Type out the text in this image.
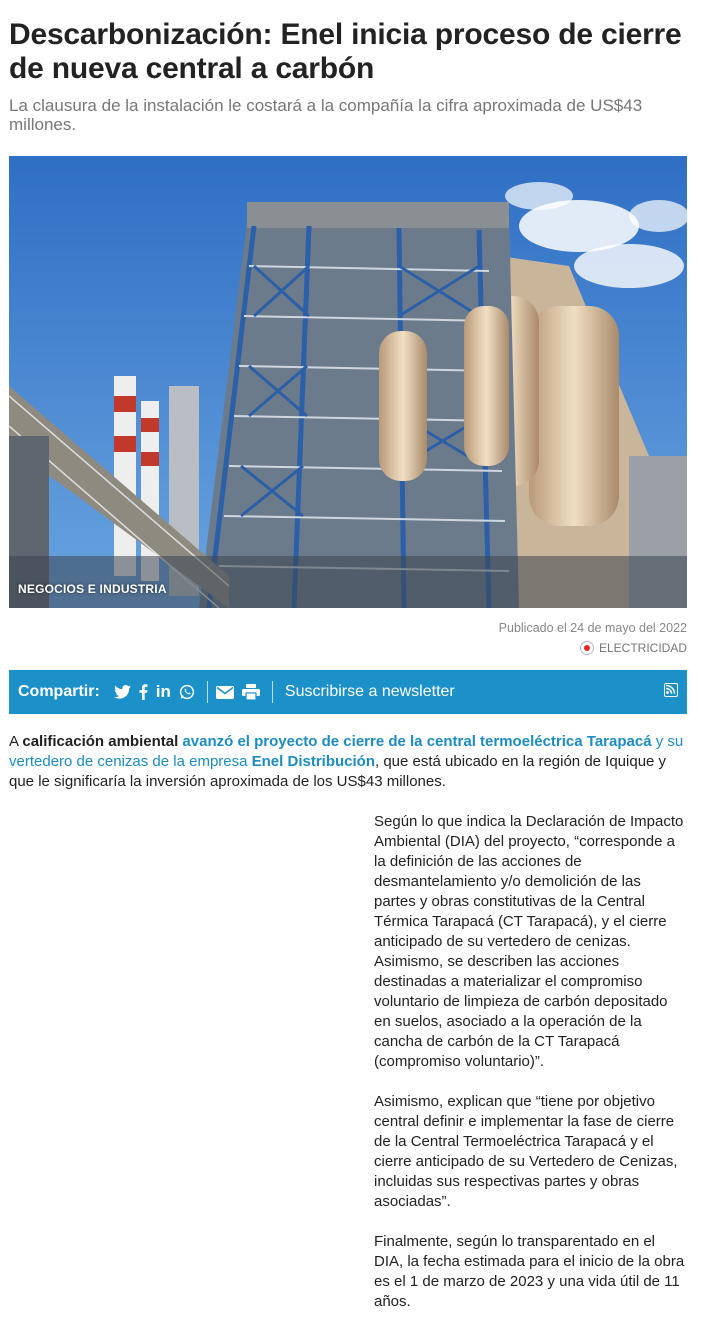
Descarbonización: Enel inicia proceso de cierre de nueva central a carbón
La clausura de la instalación le costará a la compañía la cifra aproximada de US$43 millones.
NEGOCIOS E INDUSTRIA
Publicado el 24 de mayo del 2022
ELECTRICIDAD
Compartir:	in	Suscribirse a newsletter
A calificación ambiental avanzó el proyecto de cierre de la central termoeléctrica Tarapacá y su vertedero de cenizas de la empresa Enel Distribución, que está ubicado en la región de Iquique y que le significaría la inversión aproximada de los US$43 millones.
Según lo que indica la Declaración de Impacto Ambiental (DIA) del proyecto, “corresponde a la definición de las acciones de desmantelamiento y/o demolición de las partes y obras constitutivas de la Central Térmica Tarapacá (CT Tarapacá), y el cierre anticipado de su vertedero de cenizas. Asimismo, se describen las acciones destinadas a materializar el compromiso voluntario de limpieza de carbón depositado en suelos, asociado a la operación de la cancha de carbón de la CT Tarapacá (compromiso voluntario)”.
Asimismo, explican que “tiene por objetivo central definir e implementar la fase de cierre de la Central Termoeléctrica Tarapacá y el cierre anticipado de su Vertedero de Cenizas, incluidas sus respectivas partes y obras asociadas”.
Finalmente, según lo transparentado en el DIA, la fecha estimada para el inicio de la obra es el 1 de marzo de 2023 y una vida útil de 11 años.
